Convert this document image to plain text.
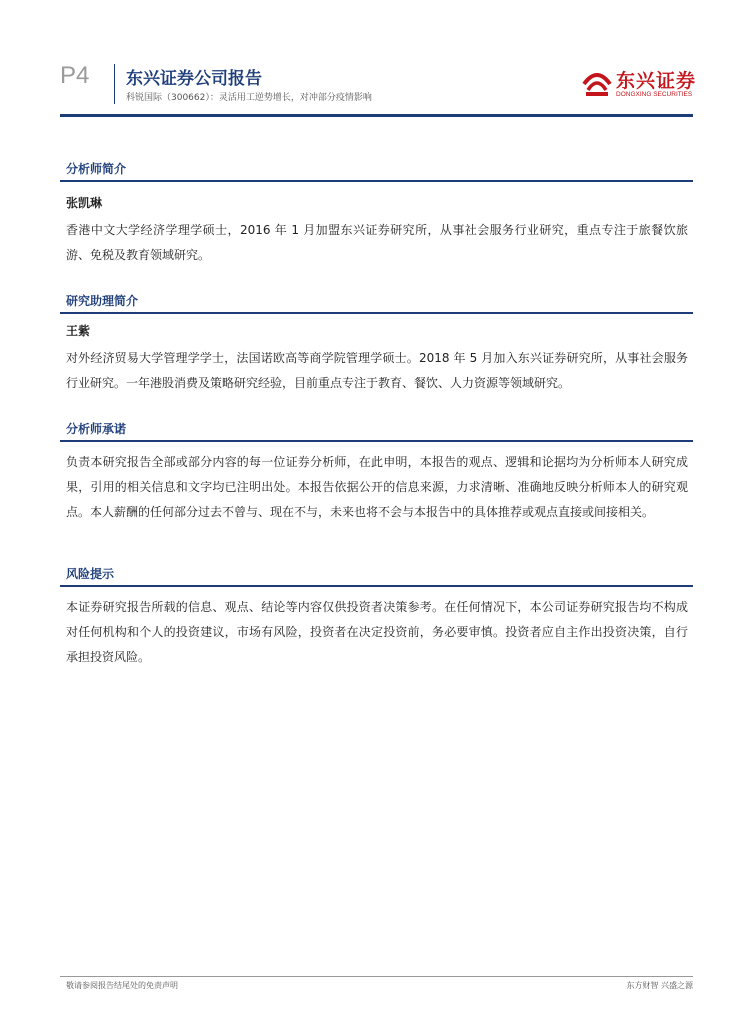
P4 东兴证券公司报告
科锐国际（300662）：灵活用工逆势增长，对冲部分疫情影响
东兴证券
DONGXING SECURITIES
分析师简介
张凯琳

香港中文大学经济学理学硕士，2016 年 1 月加盟东兴证券研究所，从事社会服务行业研究，重点专注于旅餐饮旅游、免税及教育领域研究。

研究助理简介
王紫

对外经济贸易大学管理学学士，法国诺欧高等商学院管理学硕士。2018 年 5 月加入东兴证券研究所，从事社会服务行业研究。一年港股消费及策略研究经验，目前重点专注于教育、餐饮、人力资源等领域研究。

分析师承诺

负责本研究报告全部或部分内容的每一位证券分析师，在此申明，本报告的观点、逻辑和论据均为分析师本人研究成果，引用的相关信息和文字均已注明出处。本报告依据公开的信息来源，力求清晰、准确地反映分析师本人的研究观点。本人薪酬的任何部分过去不曾与、现在不与，未来也将不会与本报告中的具体推荐或观点直接或间接相关。

风险提示

本证券研究报告所载的信息、观点、结论等内容仅供投资者决策参考。在任何情况下，本公司证券研究报告均不构成对任何机构和个人的投资建议，市场有风险，投资者在决定投资前，务必要审慎。投资者应自主作出投资决策，自行承担投资风险。

敬请参阅报告结尾处的免责声明	东方财智 兴盛之源
